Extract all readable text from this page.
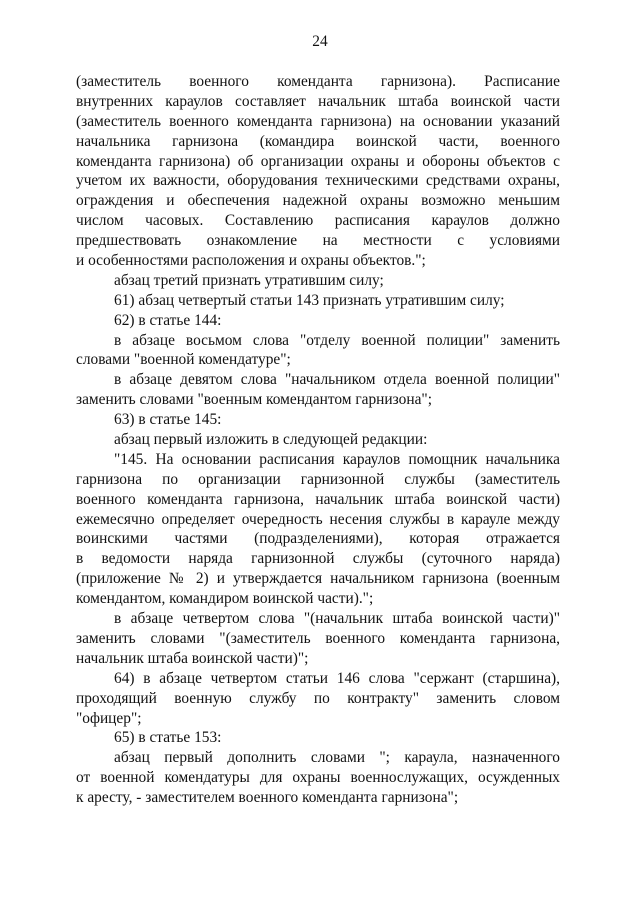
24
(заместитель военного коменданта гарнизона). Расписание
внутренних караулов составляет начальник штаба воинской части
(заместитель военного коменданта гарнизона) на основании указаний
начальника гарнизона (командира воинской части, военного
коменданта гарнизона) об организации охраны и обороны объектов с
учетом их важности, оборудования техническими средствами охраны,
ограждения и обеспечения надежной охраны возможно меньшим
числом часовых. Составлению расписания караулов должно
предшествовать ознакомление на местности с условиями
и особенностями расположения и охраны объектов.";
абзац третий признать утратившим силу;
61) абзац четвертый статьи 143 признать утратившим силу;
62) в статье 144:
в абзаце восьмом слова "отделу военной полиции" заменить
словами "военной комендатуре";
в абзаце девятом слова "начальником отдела военной полиции"
заменить словами "военным комендантом гарнизона";
63) в статье 145:
абзац первый изложить в следующей редакции:
"145. На основании расписания караулов помощник начальника
гарнизона по организации гарнизонной службы (заместитель
военного коменданта гарнизона, начальник штаба воинской части)
ежемесячно определяет очередность несения службы в карауле между
воинскими частями (подразделениями), которая отражается
в ведомости наряда гарнизонной службы (суточного наряда)
(приложение № 2) и утверждается начальником гарнизона (военным
комендантом, командиром воинской части).";
в абзаце четвертом слова "(начальник штаба воинской части)"
заменить словами "(заместитель военного коменданта гарнизона,
начальник штаба воинской части)";
64) в абзаце четвертом статьи 146 слова "сержант (старшина),
проходящий военную службу по контракту" заменить словом
"офицер";
65) в статье 153:
абзац первый дополнить словами "; караула, назначенного
от военной комендатуры для охраны военнослужащих, осужденных
к аресту, - заместителем военного коменданта гарнизона";
